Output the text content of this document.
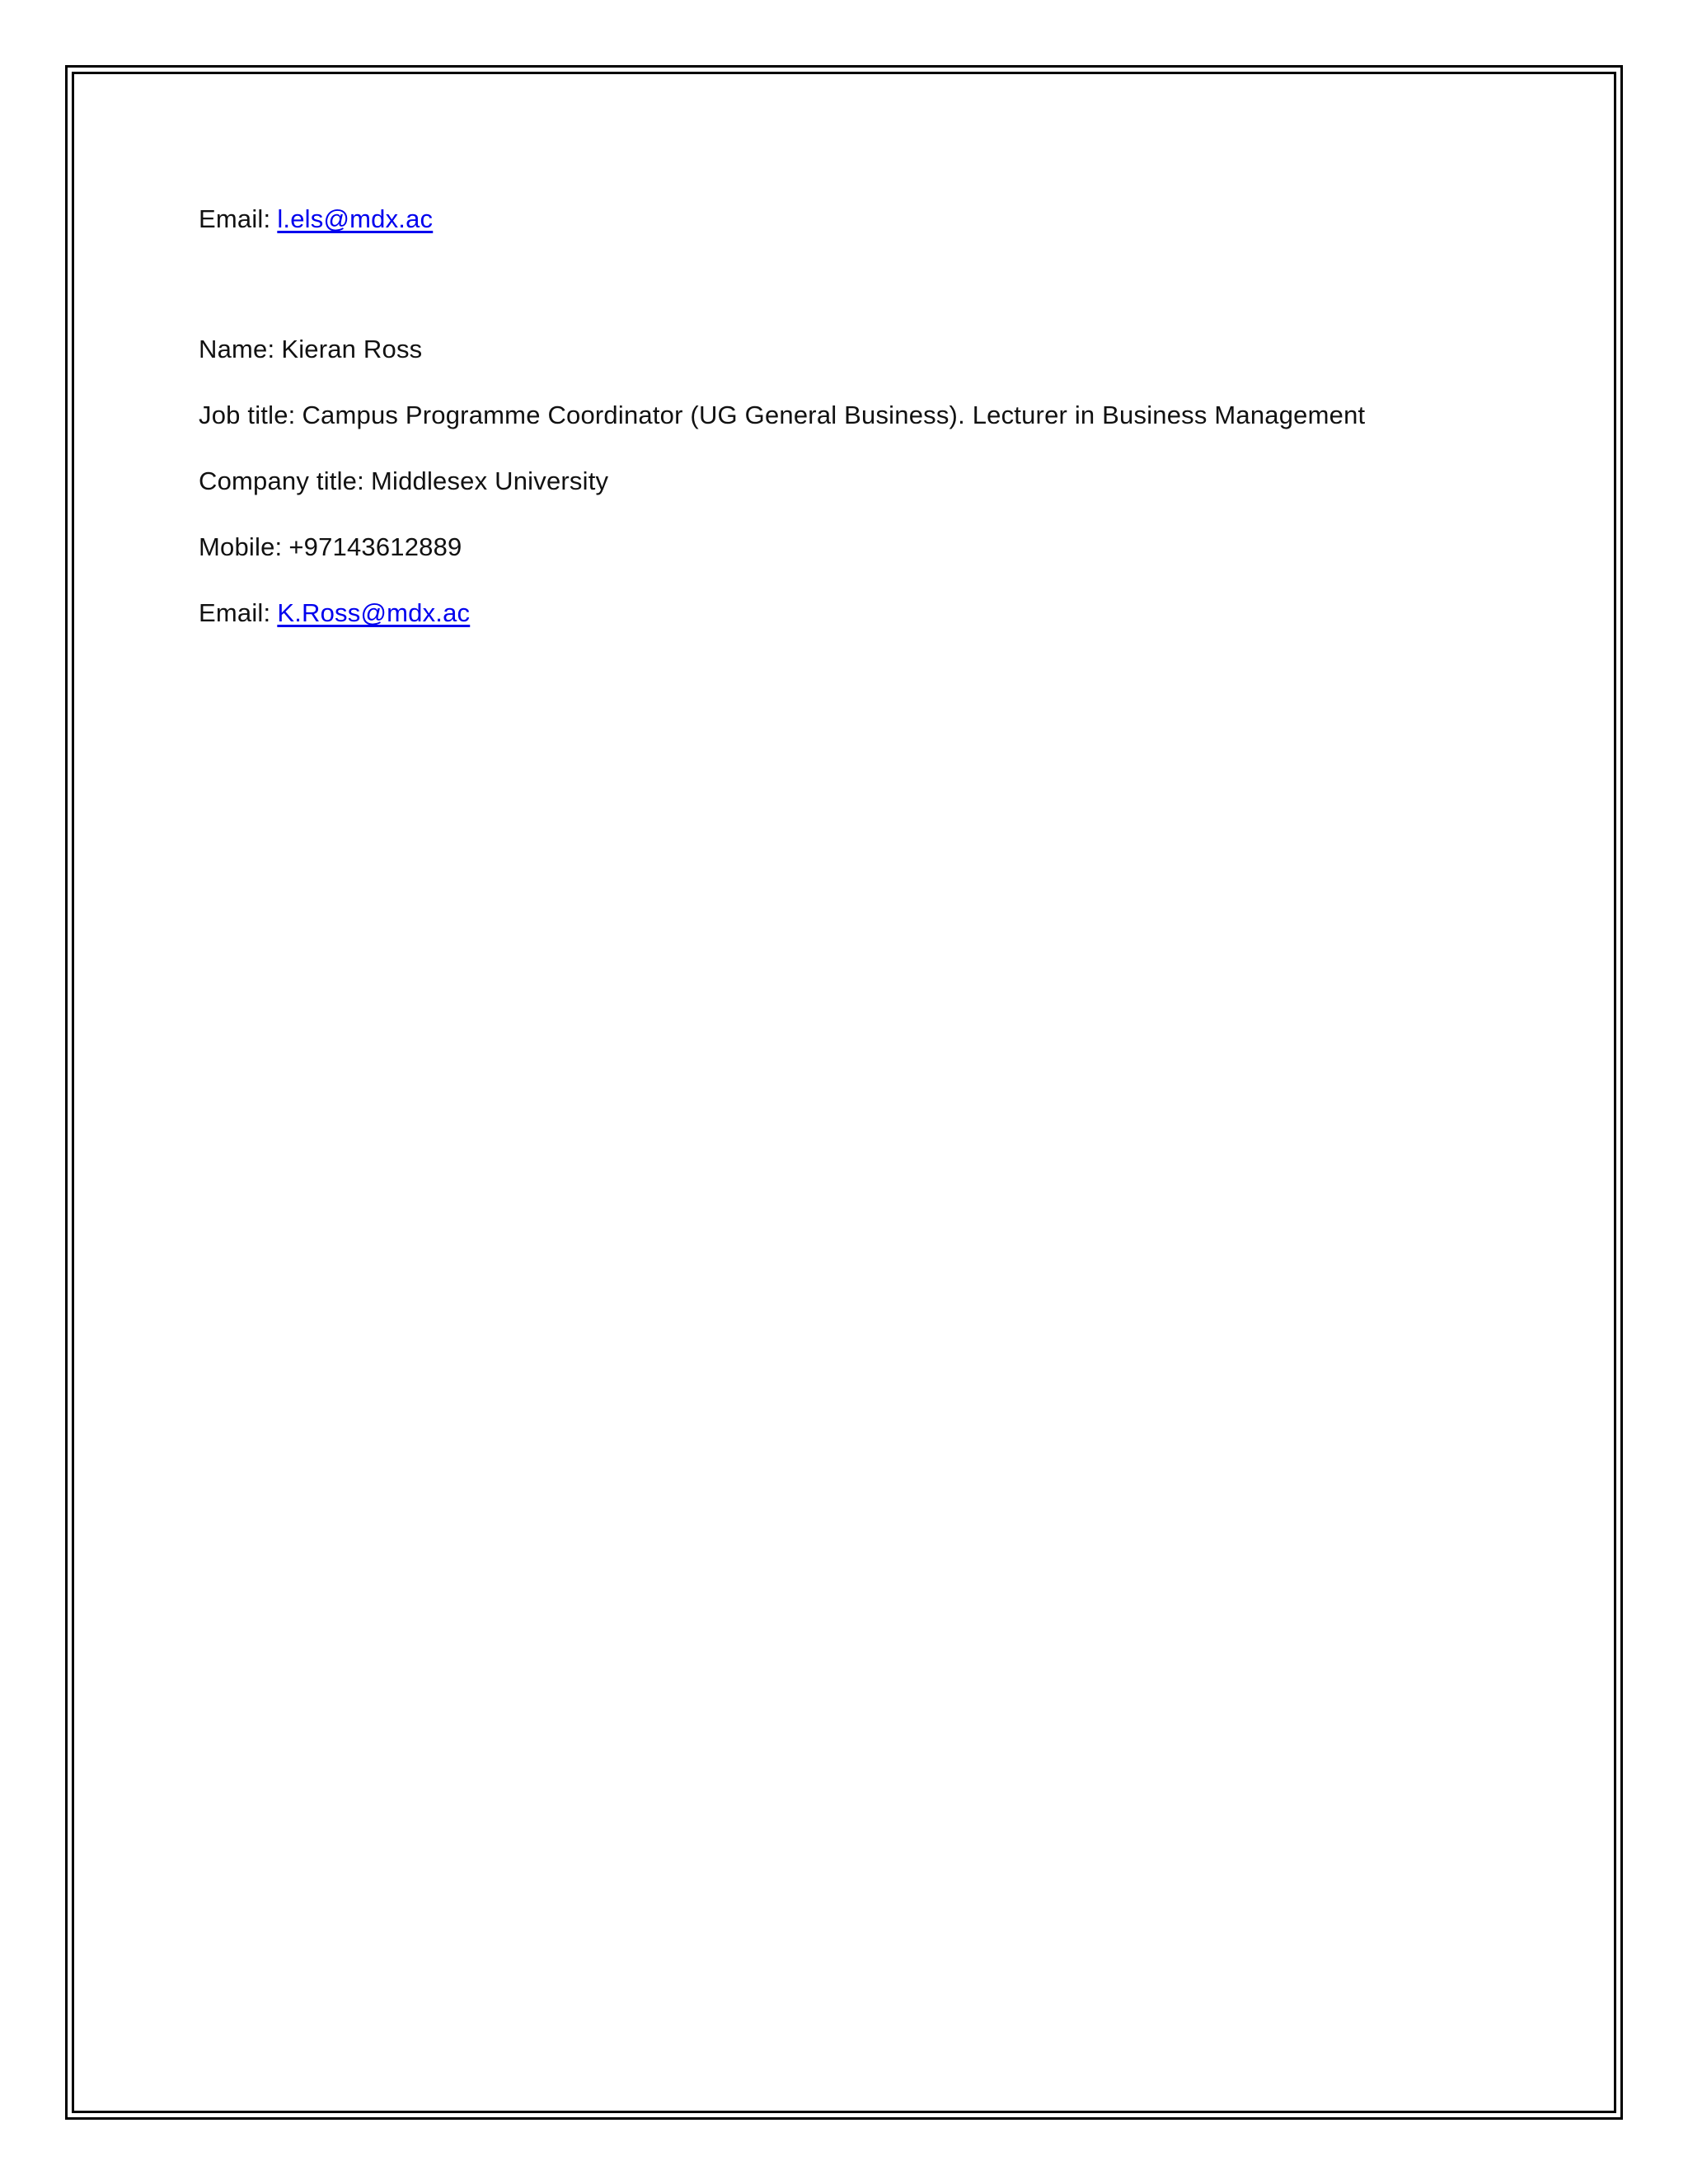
Email: l.els@mdx.ac
Name: Kieran Ross
Job title: Campus Programme Coordinator (UG General Business). Lecturer in Business Management
Company title: Middlesex University
Mobile: +97143612889
Email: K.Ross@mdx.ac
